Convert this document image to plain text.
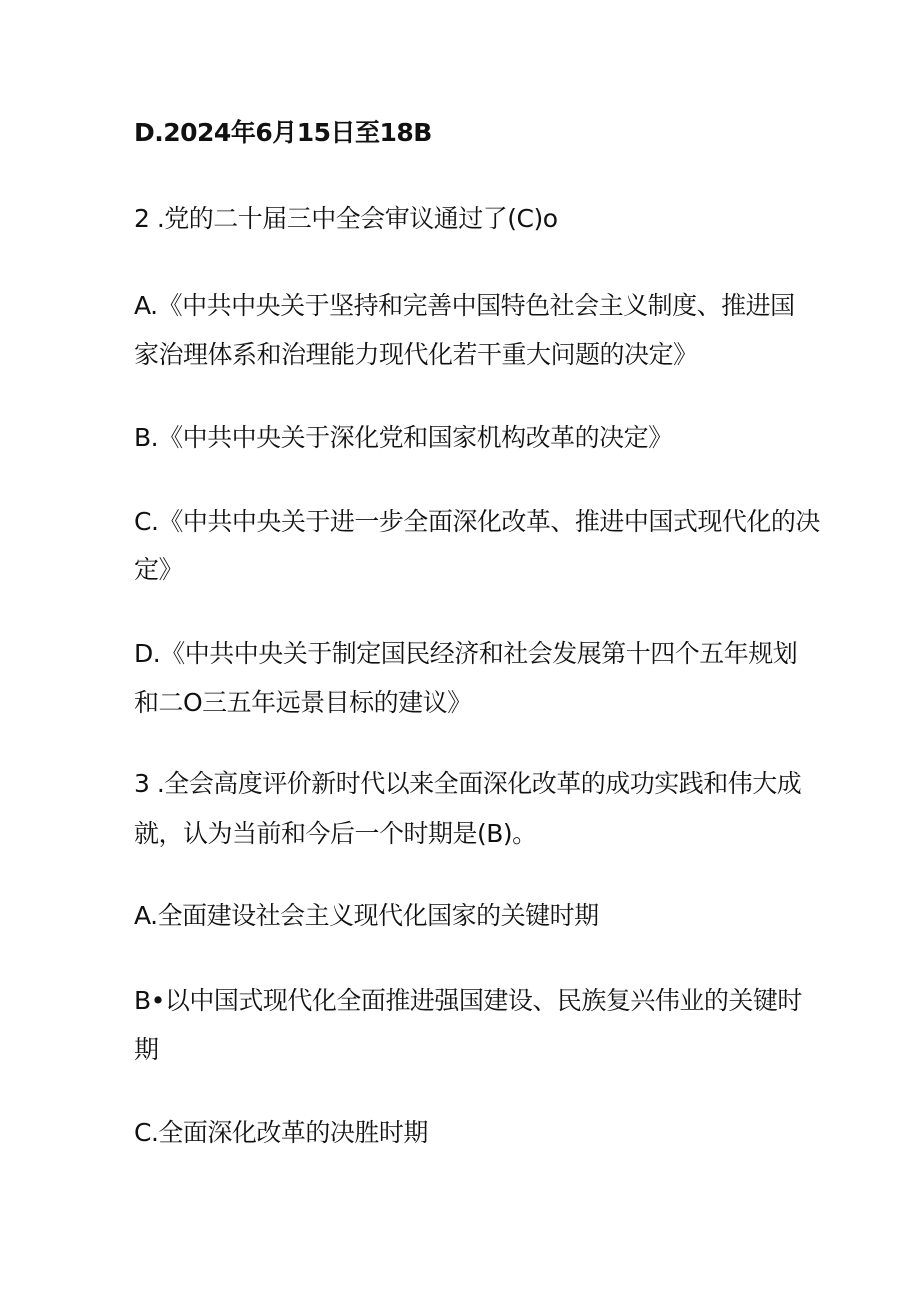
D.2024年6月15日至18B
2 .党的二十届三中全会审议通过了(C)o
A.《中共中央关于坚持和完善中国特色社会主义制度、推进国
家治理体系和治理能力现代化若干重大问题的决定》
B.《中共中央关于深化党和国家机构改革的决定》
C.《中共中央关于进一步全面深化改革、推进中国式现代化的决
定》
D.《中共中央关于制定国民经济和社会发展第十四个五年规划
和二O三五年远景目标的建议》
3 .全会高度评价新时代以来全面深化改革的成功实践和伟大成
就，认为当前和今后一个时期是(B)。
A.全面建设社会主义现代化国家的关键时期
B•以中国式现代化全面推进强国建设、民族复兴伟业的关键时
期
C.全面深化改革的决胜时期
